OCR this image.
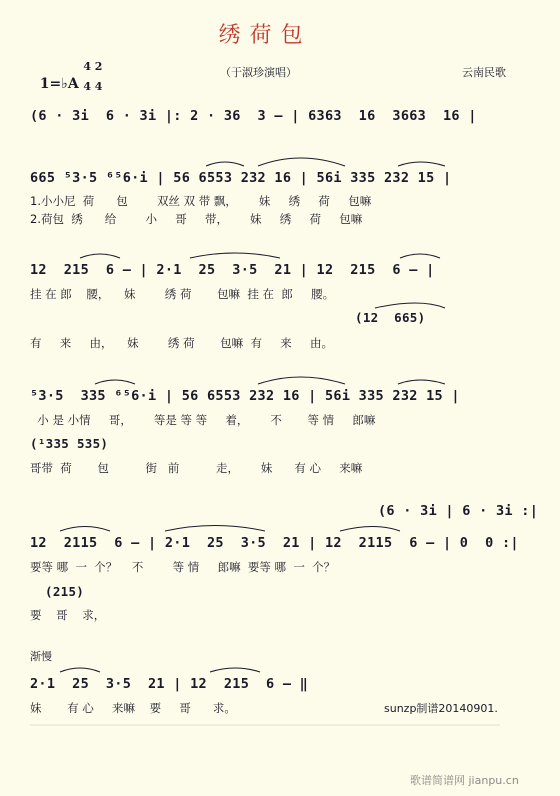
绣荷包

1=♭A

4 2

4 4

（于淑珍演唱）	云南民歌
(6 · 3i  6 · 3i |: 2 · 36  3 – | 6363  16  3663  16 |
665 ⁵3·5 ⁶⁵6·i | 56 6553 232 16 | 56i 335 232 15 |
1.小小尼  荷      包        双丝 双 带 飘，      妹     绣     荷     包嘛
2.荷包  绣      给        小     哥     带，      妹     绣     荷     包嘛
12  215  6 – | 2·1  25  3·5  21 | 12  215  6 – |
挂 在 郎    腰，    妹        绣 荷       包嘛  挂 在  郎     腰。
(12  665)
有     来     由，    妹        绣 荷       包嘛  有     来     由。
⁵3·5  335 ⁶⁵6·i | 56 6553 232 16 | 56i 335 232 15 |
小 是 小情     哥，      等是 等 等     着，      不       等 情     郎嘛
(¹335 535)
哥带  荷       包          街   前          走，      妹      有 心     来嘛
(6 · 3i | 6 · 3i :|
12  2115  6 – | 2·1  25  3·5  21 | 12  2115  6 – | 0  0 :|
要等 哪  一  个？    不        等 情     郎嘛  要等 哪  一  个？
(215)
要    哥    求，
渐慢
2·1  25  3·5  21 | 12  215  6 – ‖
sunzp制谱20140901.
妹       有 心     来嘛    要     哥      求。
歌谱简谱网 jianpu.cn
